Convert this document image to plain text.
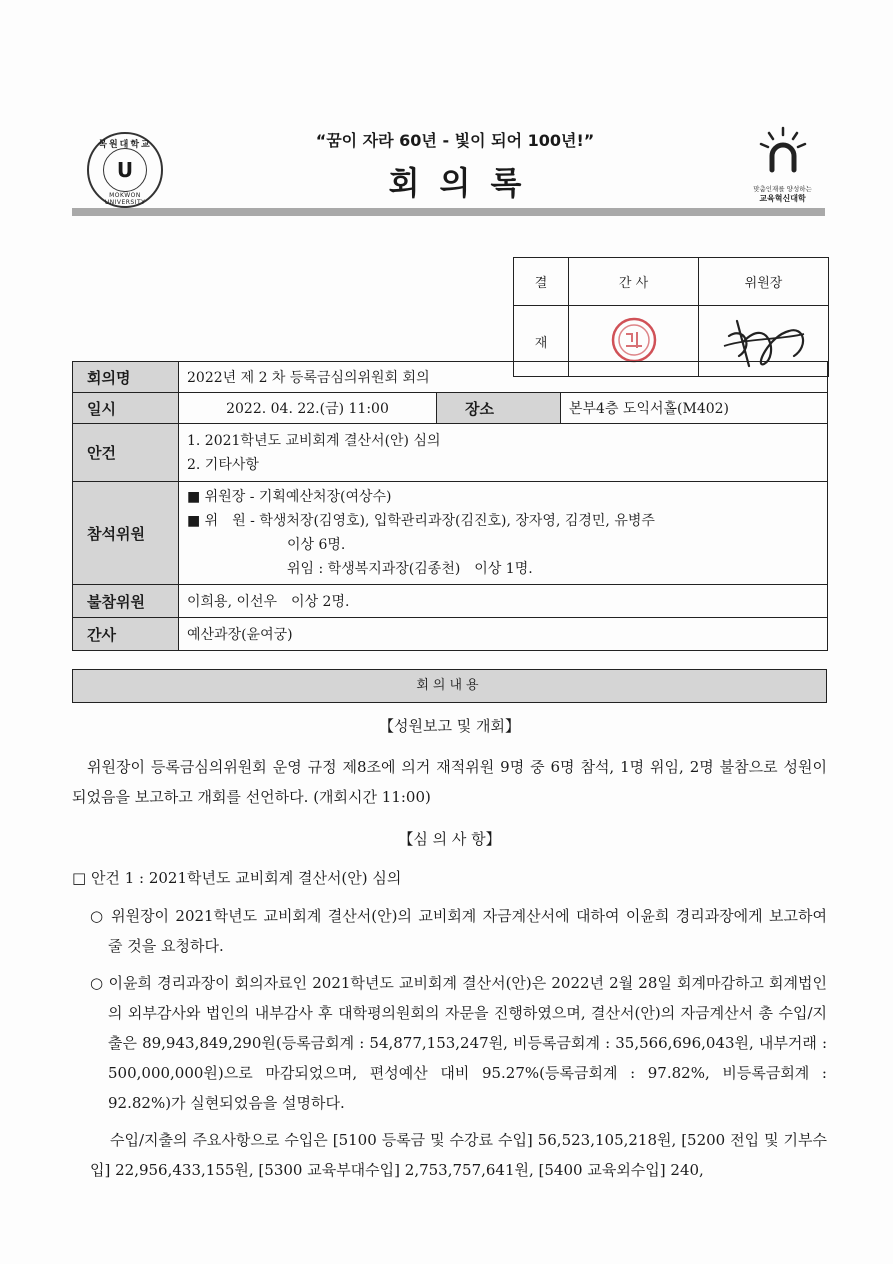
목원대학교
U
MOKWON UNIVERSITY
“꿈이 자라 60년 - 빛이 되어 100년!”
회의록	맞춤인재를 양성하는
교육혁신대학
결	간 사	위원장
재		
회의명	2022년 제 2 차 등록금심의위원회 회의		
일시	2022. 04. 22.(금) 11:00	장소	본부4층 도익서홀(M402)
안건	1. 2021학년도 교비회계 결산서(안) 심의
2. 기타사항		

참석위원	■ 위원장 - 기획예산처장(여상수)
■ 위　원 - 학생처장(김영호), 입학관리과장(김진호), 장자영, 김경민, 유병주
이상 6명.
위임 : 학생복지과장(김종천)　이상 1명.		

불참위원	이희용, 이선우　이상 2명.		
간사	예산과장(윤여궁)		
회의내용
【성원보고 및 개회】
위원장이 등록금심의위원회 운영 규정 제8조에 의거 재적위원 9명 중 6명 참석, 1명 위임, 2명 불참으로 성원이 되었음을 보고하고 개회를 선언하다. (개회시간 11:00)
【심 의 사 항】
□ 안건 1 : 2021학년도 교비회계 결산서(안) 심의
○ 위원장이 2021학년도 교비회계 결산서(안)의 교비회계 자금계산서에 대하여 이윤희 경리과장에게 보고하여 줄 것을 요청하다.
○ 이윤희 경리과장이 회의자료인 2021학년도 교비회계 결산서(안)은 2022년 2월 28일 회계마감하고 회계법인의 외부감사와 법인의 내부감사 후 대학평의원회의 자문을 진행하였으며, 결산서(안)의 자금계산서 총 수입/지출은 89,943,849,290원(등록금회계 : 54,877,153,247원, 비등록금회계 : 35,566,696,043원, 내부거래 : 500,000,000원)으로 마감되었으며, 편성예산 대비 95.27%(등록금회계 : 97.82%, 비등록금회계 : 92.82%)가 실현되었음을 설명하다.
수입/지출의 주요사항으로 수입은 [5100 등록금 및 수강료 수입] 56,523,105,218원, [5200 전입 및 기부수입] 22,956,433,155원, [5300 교육부대수입] 2,753,757,641원, [5400 교육외수입] 240,
